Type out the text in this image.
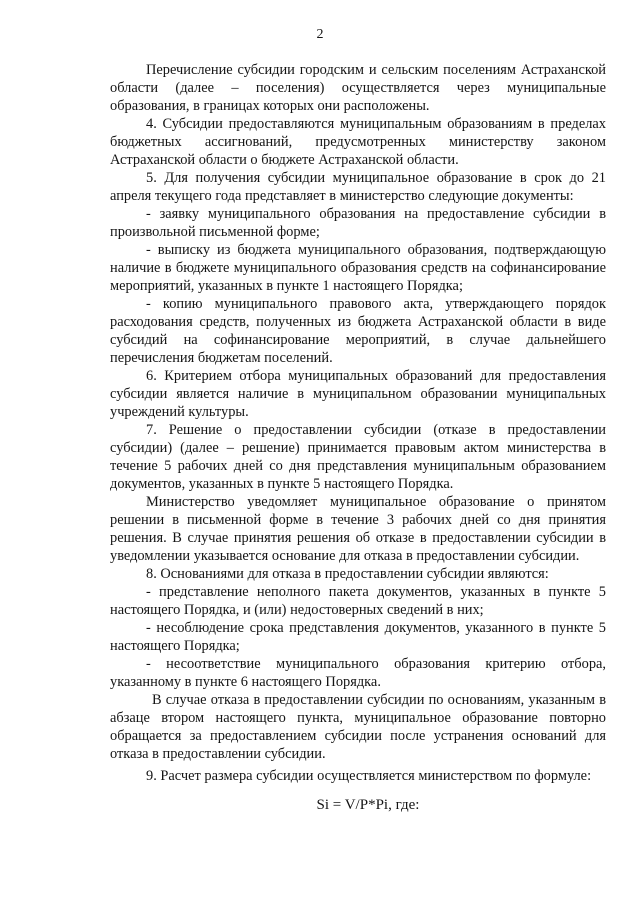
2

Перечисление субсидии городским и сельским поселениям Астраханской области (далее – поселения) осуществляется через муниципальные образования, в границах которых они расположены.

4. Субсидии предоставляются муниципальным образованиям в пределах бюджетных ассигнований, предусмотренных министерству законом Астраханской области о бюджете Астраханской области.

5. Для получения субсидии муниципальное образование в срок до 21 апреля текущего года представляет в министерство следующие документы:

- заявку муниципального образования на предоставление субсидии в произвольной письменной форме;

- выписку из бюджета муниципального образования, подтверждающую наличие в бюджете муниципального образования средств на софинансирование мероприятий, указанных в пункте 1 настоящего Порядка;

- копию муниципального правового акта, утверждающего порядок расходования средств, полученных из бюджета Астраханской области в виде субсидий на софинансирование мероприятий, в случае дальнейшего перечисления бюджетам поселений.

6. Критерием отбора муниципальных образований для предоставления субсидии является наличие в муниципальном образовании муниципальных учреждений культуры.

7. Решение о предоставлении субсидии (отказе в предоставлении субсидии) (далее – решение) принимается правовым актом министерства в течение 5 рабочих дней со дня представления муниципальным образованием документов, указанных в пункте 5 настоящего Порядка.

Министерство уведомляет муниципальное образование о принятом решении в письменной форме в течение 3 рабочих дней со дня принятия решения. В случае принятия решения об отказе в предоставлении субсидии в уведомлении указывается основание для отказа в предоставлении субсидии.

8. Основаниями для отказа в предоставлении субсидии являются:

- представление неполного пакета документов, указанных в пункте 5 настоящего Порядка, и (или) недостоверных сведений в них;

- несоблюдение срока представления документов, указанного в пункте 5 настоящего Порядка;

- несоответствие муниципального образования критерию отбора, указанному в пункте 6 настоящего Порядка.

В случае отказа в предоставлении субсидии по основаниям, указанным в абзаце втором настоящего пункта, муниципальное образование повторно обращается за предоставлением субсидии после устранения оснований для отказа в предоставлении субсидии.

9. Расчет размера субсидии осуществляется министерством по формуле:

Si = V/P*Pi, где:
